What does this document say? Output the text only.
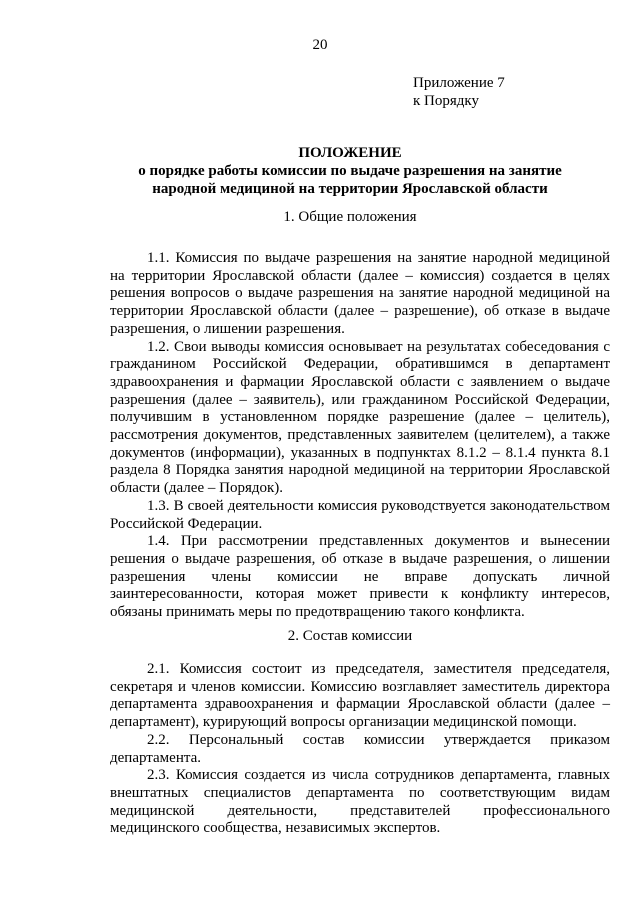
20
Приложение 7
к Порядку
ПОЛОЖЕНИЕ
о порядке работы комиссии по выдаче разрешения на занятие
народной медициной на территории Ярославской области
1. Общие положения

1.1. Комиссия по выдаче разрешения на занятие народной медициной на территории Ярославской области (далее – комиссия) создается в целях решения вопросов о выдаче разрешения на занятие народной медициной на территории Ярославской области (далее – разрешение), об отказе в выдаче разрешения, о лишении разрешения.

1.2. Свои выводы комиссия основывает на результатах собеседования с гражданином Российской Федерации, обратившимся в департамент здравоохранения и фармации Ярославской области с заявлением о выдаче разрешения (далее – заявитель), или гражданином Российской Федерации, получившим в установленном порядке разрешение (далее – целитель), рассмотрения документов, представленных заявителем (целителем), а также документов (информации), указанных в подпунктах 8.1.2 – 8.1.4 пункта 8.1 раздела 8 Порядка занятия народной медициной на территории Ярославской области (далее – Порядок).

1.3. В своей деятельности комиссия руководствуется законодательством Российской Федерации.

1.4. При рассмотрении представленных документов и вынесении решения о выдаче разрешения, об отказе в выдаче разрешения, о лишении разрешения члены комиссии не вправе допускать личной заинтересованности, которая может привести к конфликту интересов, обязаны принимать меры по предотвращению такого конфликта.

2. Состав комиссии

2.1. Комиссия состоит из председателя, заместителя председателя, секретаря и членов комиссии. Комиссию возглавляет заместитель директора департамента здравоохранения и фармации Ярославской области (далее – департамент), курирующий вопросы организации медицинской помощи.

2.2. Персональный состав комиссии утверждается приказом департамента.

2.3. Комиссия создается из числа сотрудников департамента, главных внештатных специалистов департамента по соответствующим видам медицинской деятельности, представителей профессионального медицинского сообщества, независимых экспертов.
